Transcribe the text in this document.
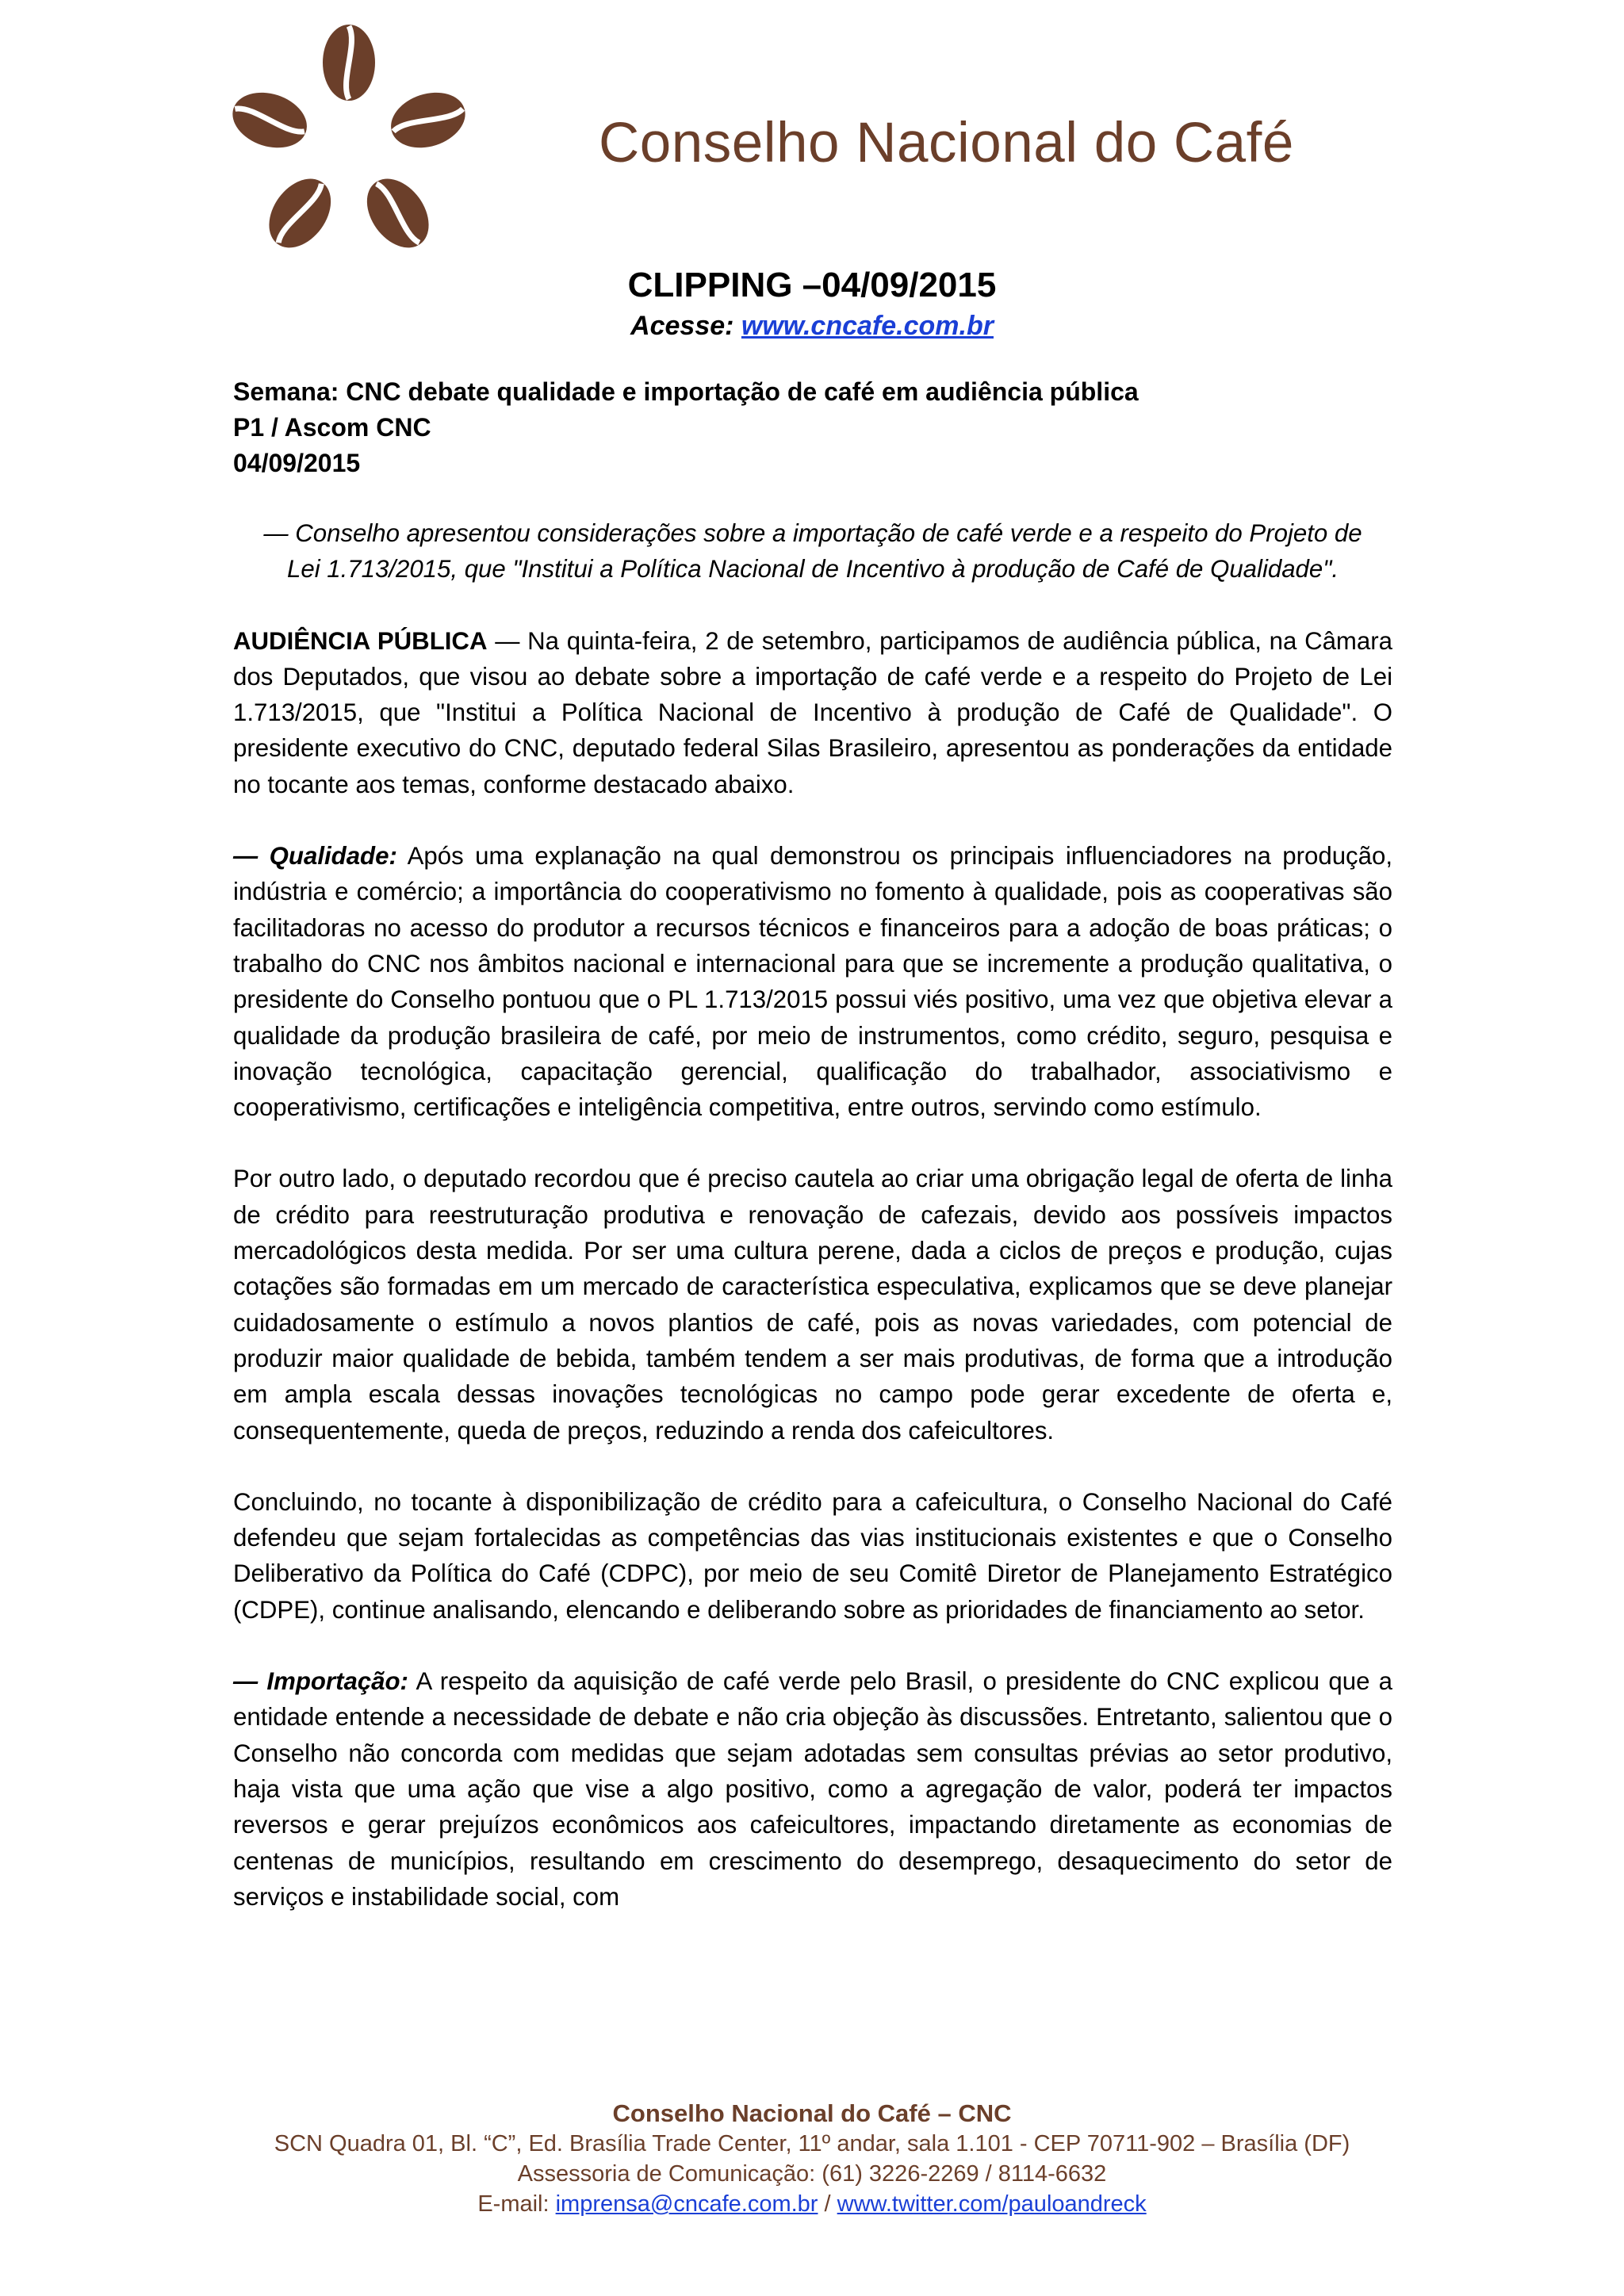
Conselho Nacional do Café
CLIPPING –04/09/2015
Acesse: www.cncafe.com.br
Semana: CNC debate qualidade e importação de café em audiência pública
P1 / Ascom CNC
04/09/2015

— Conselho apresentou considerações sobre a importação de café verde e a respeito do Projeto de Lei 1.713/2015, que "Institui a Política Nacional de Incentivo à produção de Café de Qualidade".

AUDIÊNCIA PÚBLICA — Na quinta-feira, 2 de setembro, participamos de audiência pública, na Câmara dos Deputados, que visou ao debate sobre a importação de café verde e a respeito do Projeto de Lei 1.713/2015, que "Institui a Política Nacional de Incentivo à produção de Café de Qualidade". O presidente executivo do CNC, deputado federal Silas Brasileiro, apresentou as ponderações da entidade no tocante aos temas, conforme destacado abaixo.

— Qualidade: Após uma explanação na qual demonstrou os principais influenciadores na produção, indústria e comércio; a importância do cooperativismo no fomento à qualidade, pois as cooperativas são facilitadoras no acesso do produtor a recursos técnicos e financeiros para a adoção de boas práticas; o trabalho do CNC nos âmbitos nacional e internacional para que se incremente a produção qualitativa, o presidente do Conselho pontuou que o PL 1.713/2015 possui viés positivo, uma vez que objetiva elevar a qualidade da produção brasileira de café, por meio de instrumentos, como crédito, seguro, pesquisa e inovação tecnológica, capacitação gerencial, qualificação do trabalhador, associativismo e cooperativismo, certificações e inteligência competitiva, entre outros, servindo como estímulo.

Por outro lado, o deputado recordou que é preciso cautela ao criar uma obrigação legal de oferta de linha de crédito para reestruturação produtiva e renovação de cafezais, devido aos possíveis impactos mercadológicos desta medida. Por ser uma cultura perene, dada a ciclos de preços e produção, cujas cotações são formadas em um mercado de característica especulativa, explicamos que se deve planejar cuidadosamente o estímulo a novos plantios de café, pois as novas variedades, com potencial de produzir maior qualidade de bebida, também tendem a ser mais produtivas, de forma que a introdução em ampla escala dessas inovações tecnológicas no campo pode gerar excedente de oferta e, consequentemente, queda de preços, reduzindo a renda dos cafeicultores.

Concluindo, no tocante à disponibilização de crédito para a cafeicultura, o Conselho Nacional do Café defendeu que sejam fortalecidas as competências das vias institucionais existentes e que o Conselho Deliberativo da Política do Café (CDPC), por meio de seu Comitê Diretor de Planejamento Estratégico (CDPE), continue analisando, elencando e deliberando sobre as prioridades de financiamento ao setor.

— Importação: A respeito da aquisição de café verde pelo Brasil, o presidente do CNC explicou que a entidade entende a necessidade de debate e não cria objeção às discussões. Entretanto, salientou que o Conselho não concorda com medidas que sejam adotadas sem consultas prévias ao setor produtivo, haja vista que uma ação que vise a algo positivo, como a agregação de valor, poderá ter impactos reversos e gerar prejuízos econômicos aos cafeicultores, impactando diretamente as economias de centenas de municípios, resultando em crescimento do desemprego, desaquecimento do setor de serviços e instabilidade social, com

Conselho Nacional do Café – CNC
SCN Quadra 01, Bl. “C”, Ed. Brasília Trade Center, 11º andar, sala 1.101 - CEP 70711-902 – Brasília (DF)
Assessoria de Comunicação: (61) 3226-2269 / 8114-6632
E-mail: imprensa@cncafe.com.br / www.twitter.com/pauloandreck
